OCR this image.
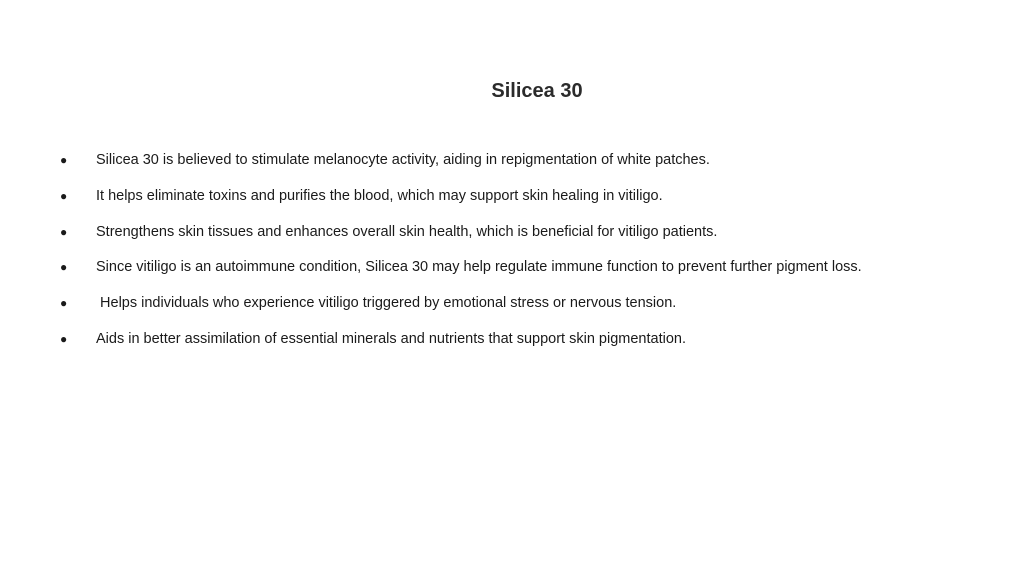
Silicea 30
● Silicea 30 is believed to stimulate melanocyte activity, aiding in repigmentation of white patches.
● It helps eliminate toxins and purifies the blood, which may support skin healing in vitiligo.
● Strengthens skin tissues and enhances overall skin health, which is beneficial for vitiligo patients.
● Since vitiligo is an autoimmune condition, Silicea 30 may help regulate immune function to prevent further pigment loss.
● Helps individuals who experience vitiligo triggered by emotional stress or nervous tension.
● Aids in better assimilation of essential minerals and nutrients that support skin pigmentation.
